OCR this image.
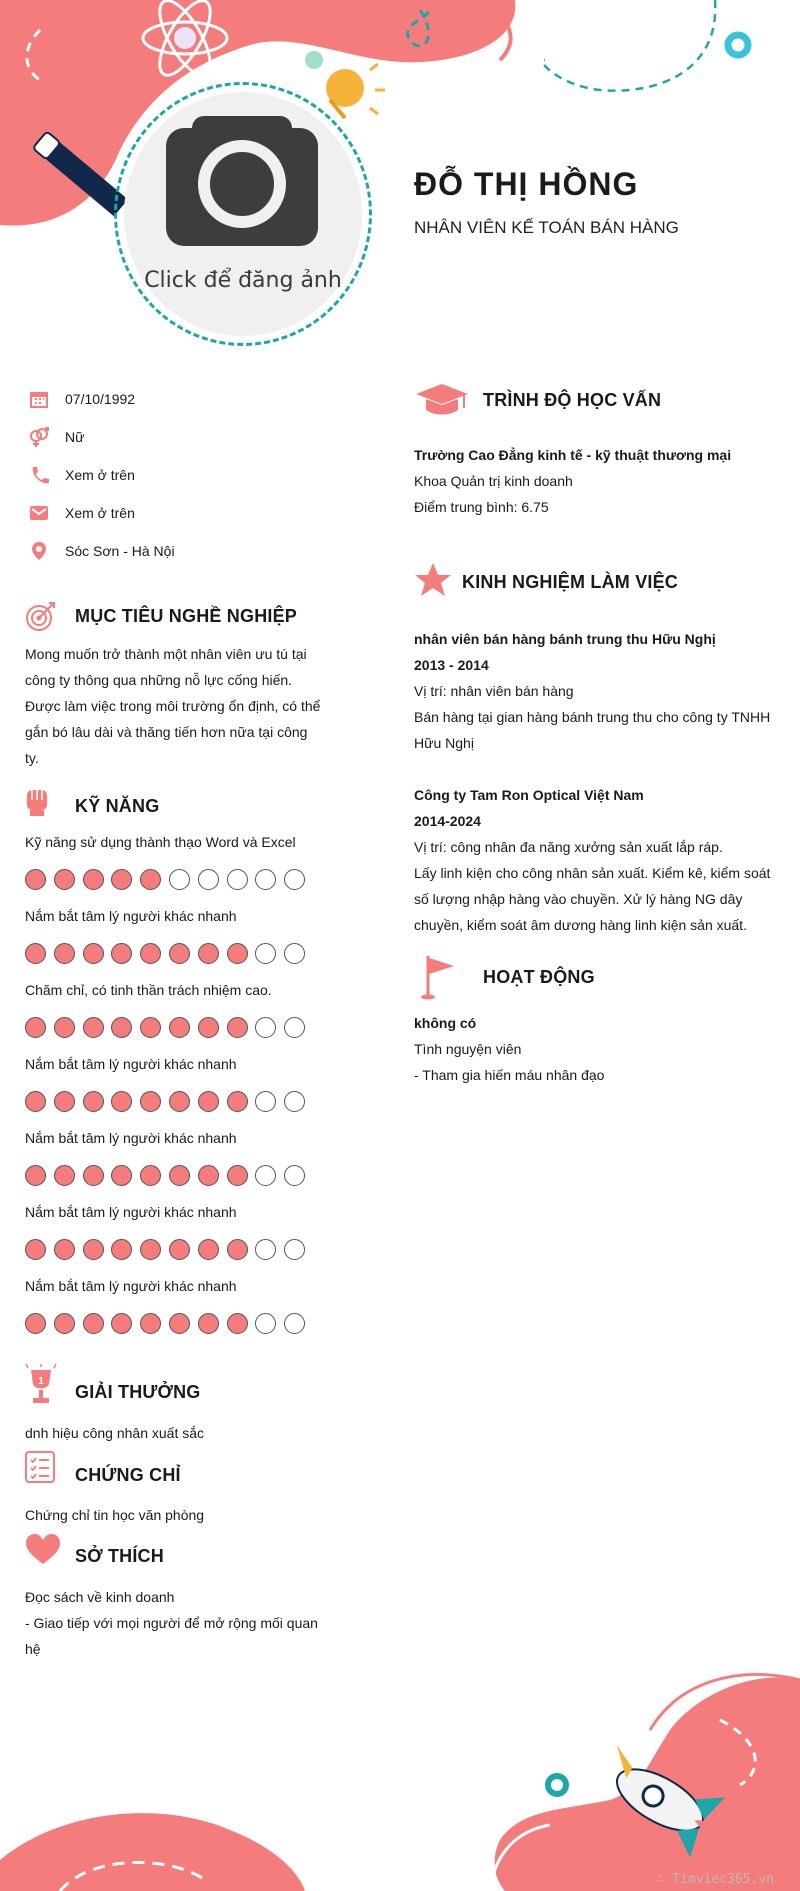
Click để đăng ảnh
ĐỖ THỊ HỒNG
NHÂN VIÊN KẾ TOÁN BÁN HÀNG
07/10/1992
Nữ
Xem ở trên
Xem ở trên
Sóc Sơn - Hà Nội
MỤC TIÊU NGHỀ NGHIỆP
Mong muốn trở thành một nhân viên ưu tú tại
công ty thông qua những nỗ lực cống hiến.
Được làm việc trong môi trường ổn định, có thể
gắn bó lâu dài và thăng tiến hơn nữa tại công
ty.
KỸ NĂNG
Kỹ năng sử dụng thành thạo Word và Excel
Nắm bắt tâm lý người khác nhanh
Chăm chỉ, có tinh thần trách nhiệm cao.
Nắm bắt tâm lý người khác nhanh
Nắm bắt tâm lý người khác nhanh
Nắm bắt tâm lý người khác nhanh
Nắm bắt tâm lý người khác nhanh
1
GIẢI THƯỞNG
dnh hiệu công nhân xuất sắc
CHỨNG CHỈ
Chứng chỉ tin học văn phòng
SỞ THÍCH
Đọc sách về kinh doanh
- Giao tiếp với mọi người để mở rộng mối quan
hệ
TRÌNH ĐỘ HỌC VẤN
Trường Cao Đẳng kinh tế - kỹ thuật thương mại
Khoa Quản trị kinh doanh
Điểm trung bình: 6.75
KINH NGHIỆM LÀM VIỆC
nhân viên bán hàng bánh trung thu Hữu Nghị
2013 - 2014
Vị trí: nhân viên bán hàng
Bán hàng tại gian hàng bánh trung thu cho công ty TNHH
Hữu Nghị
Công ty Tam Ron Optical Việt Nam
2014-2024
Vị trí: công nhân đa năng xưởng sản xuất lắp ráp.
Lấy linh kiện cho công nhân sản xuất. Kiểm kê, kiểm soát
số lượng nhập hàng vào chuyền. Xử lý hàng NG dây
chuyền, kiểm soát âm dương hàng linh kiện sản xuất.
HOẠT ĐỘNG
không có
Tình nguyện viên
- Tham gia hiến máu nhân đạo
∴ Timviec365.vn
